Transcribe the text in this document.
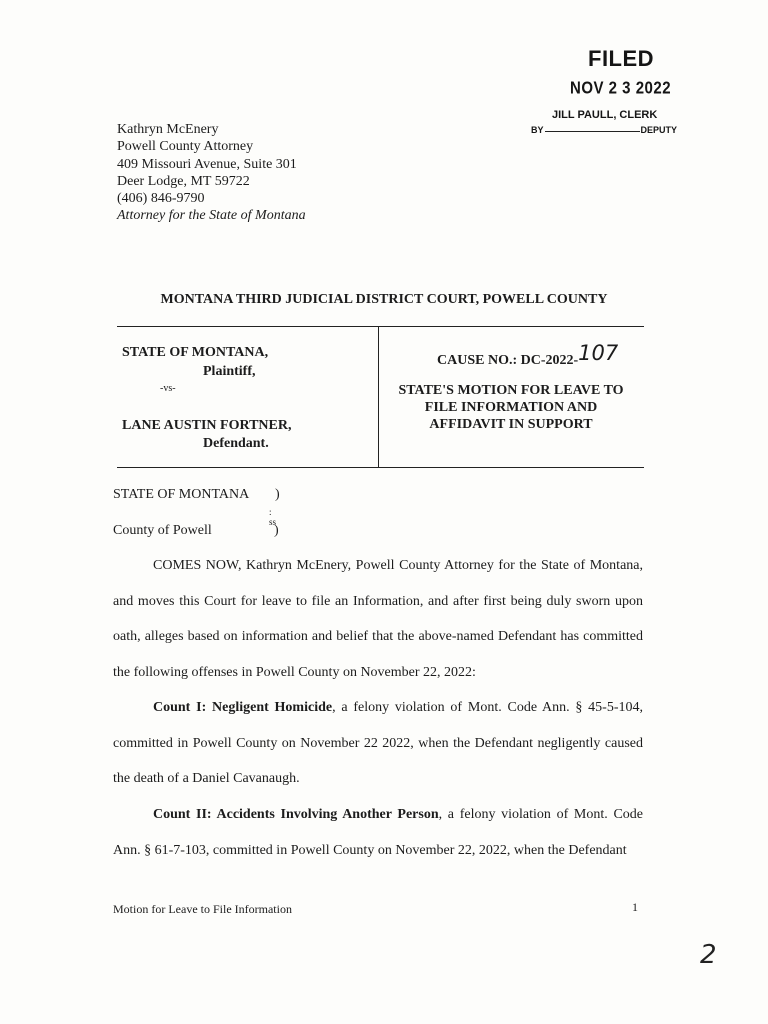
FILED
NOV 2 3 2022
JILL PAULL, CLERK
BY	DEPUTY
Kathryn McEnery
Powell County Attorney
409 Missouri Avenue, Suite 301
Deer Lodge, MT 59722
(406) 846-9790
Attorney for the State of Montana
MONTANA THIRD JUDICIAL DISTRICT COURT, POWELL COUNTY
STATE OF MONTANA,
Plaintiff,
-vs-
LANE AUSTIN FORTNER,
Defendant.
CAUSE NO.: DC-2022-107
STATE'S MOTION FOR LEAVE TO
FILE INFORMATION AND
AFFIDAVIT IN SUPPORT
STATE OF MONTANA )
: ss
County of Powell	)

COMES NOW, Kathryn McEnery, Powell County Attorney for the State of Montana, and moves this Court for leave to file an Information, and after first being duly sworn upon oath, alleges based on information and belief that the above-named Defendant has committed the following offenses in Powell County on November 22, 2022:

Count I: Negligent Homicide, a felony violation of Mont. Code Ann. § 45-5-104, committed in Powell County on November 22 2022, when the Defendant negligently caused the death of a Daniel Cavanaugh.

Count II: Accidents Involving Another Person, a felony violation of Mont. Code Ann. § 61-7-103, committed in Powell County on November 22, 2022, when the Defendant

Motion for Leave to File Information	1
2
